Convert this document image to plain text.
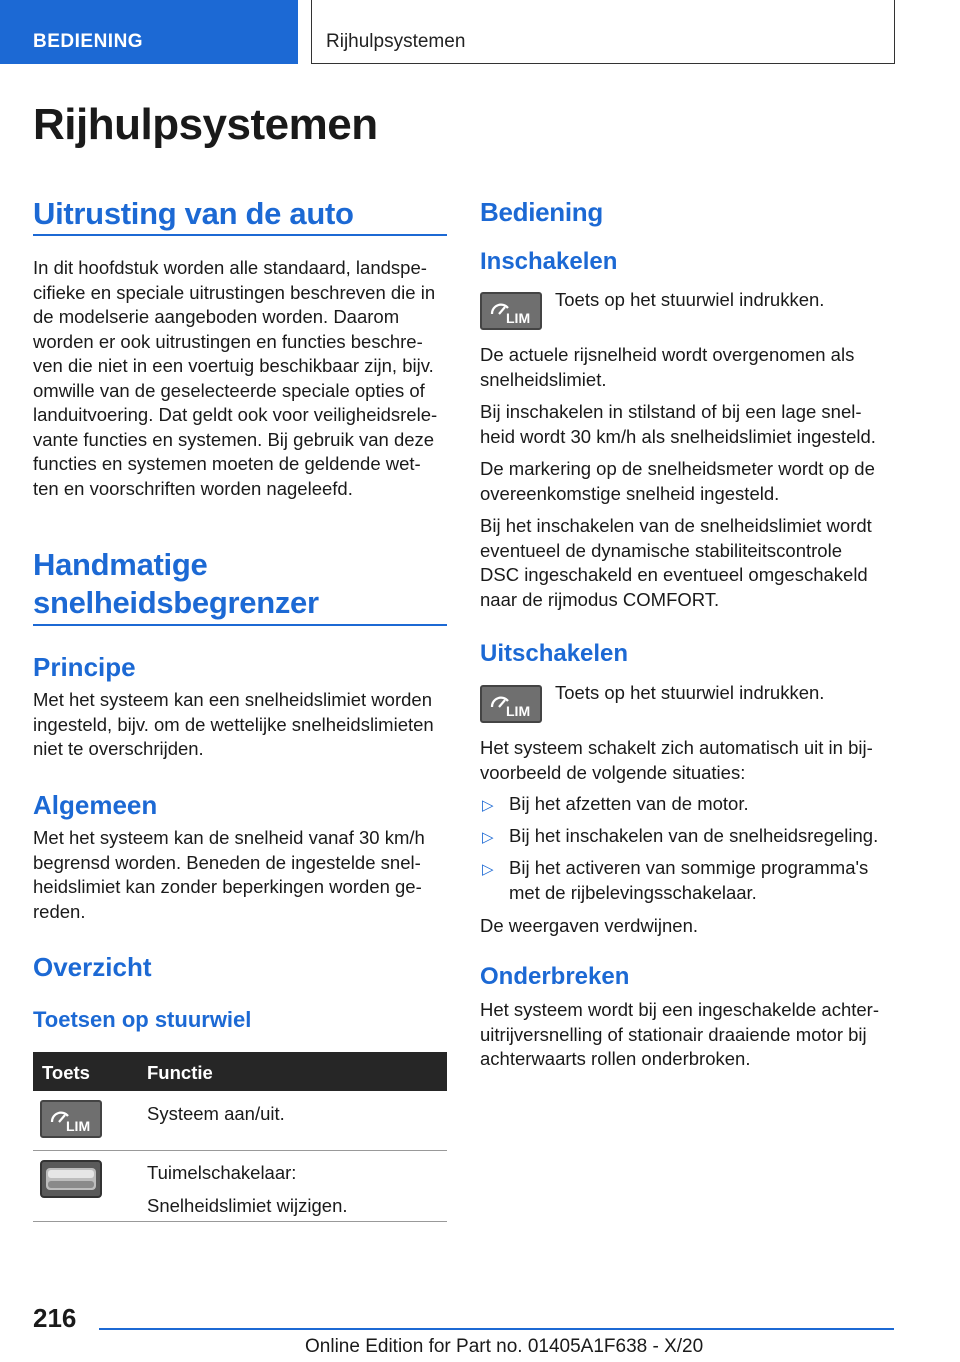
BEDIENING	Rijhulpsystemen
Rijhulpsystemen
Uitrusting van de auto
In dit hoofdstuk worden alle standaard, landspe-
cifieke en speciale uitrustingen beschreven die in
de modelserie aangeboden worden. Daarom
worden er ook uitrustingen en functies beschre-
ven die niet in een voertuig beschikbaar zijn, bijv.
omwille van de geselecteerde speciale opties of
landuitvoering. Dat geldt ook voor veiligheidsrele-
vante functies en systemen. Bij gebruik van deze
functies en systemen moeten de geldende wet-
ten en voorschriften worden nageleefd.
Handmatige
snelheidsbegrenzer
Principe
Met het systeem kan een snelheidslimiet worden
ingesteld, bijv. om de wettelijke snelheidslimieten
niet te overschrijden.
Algemeen
Met het systeem kan de snelheid vanaf 30 km/h
begrensd worden. Beneden de ingestelde snel-
heidslimiet kan zonder beperkingen worden ge-
reden.
Overzicht
Toetsen op stuurwiel
Toets	Functie
LIM
Systeem aan/uit.
Tuimelschakelaar:
Snelheidslimiet wijzigen.
Bediening
Inschakelen
LIM
Toets op het stuurwiel indrukken.
De actuele rijsnelheid wordt overgenomen als
snelheidslimiet.
Bij inschakelen in stilstand of bij een lage snel-
heid wordt 30 km/h als snelheidslimiet ingesteld.
De markering op de snelheidsmeter wordt op de
overeenkomstige snelheid ingesteld.
Bij het inschakelen van de snelheidslimiet wordt
eventueel de dynamische stabiliteitscontrole
DSC ingeschakeld en eventueel omgeschakeld
naar de rijmodus COMFORT.
Uitschakelen
LIM
Toets op het stuurwiel indrukken.
Het systeem schakelt zich automatisch uit in bij-
voorbeeld de volgende situaties:
▷ Bij het afzetten van de motor.
▷ Bij het inschakelen van de snelheidsregeling.
▷ Bij het activeren van sommige programma's
met de rijbelevingsschakelaar.
De weergaven verdwijnen.
Onderbreken
Het systeem wordt bij een ingeschakelde achter-
uitrijversnelling of stationair draaiende motor bij
achterwaarts rollen onderbroken.
216
Online Edition for Part no. 01405A1F638 - X/20
